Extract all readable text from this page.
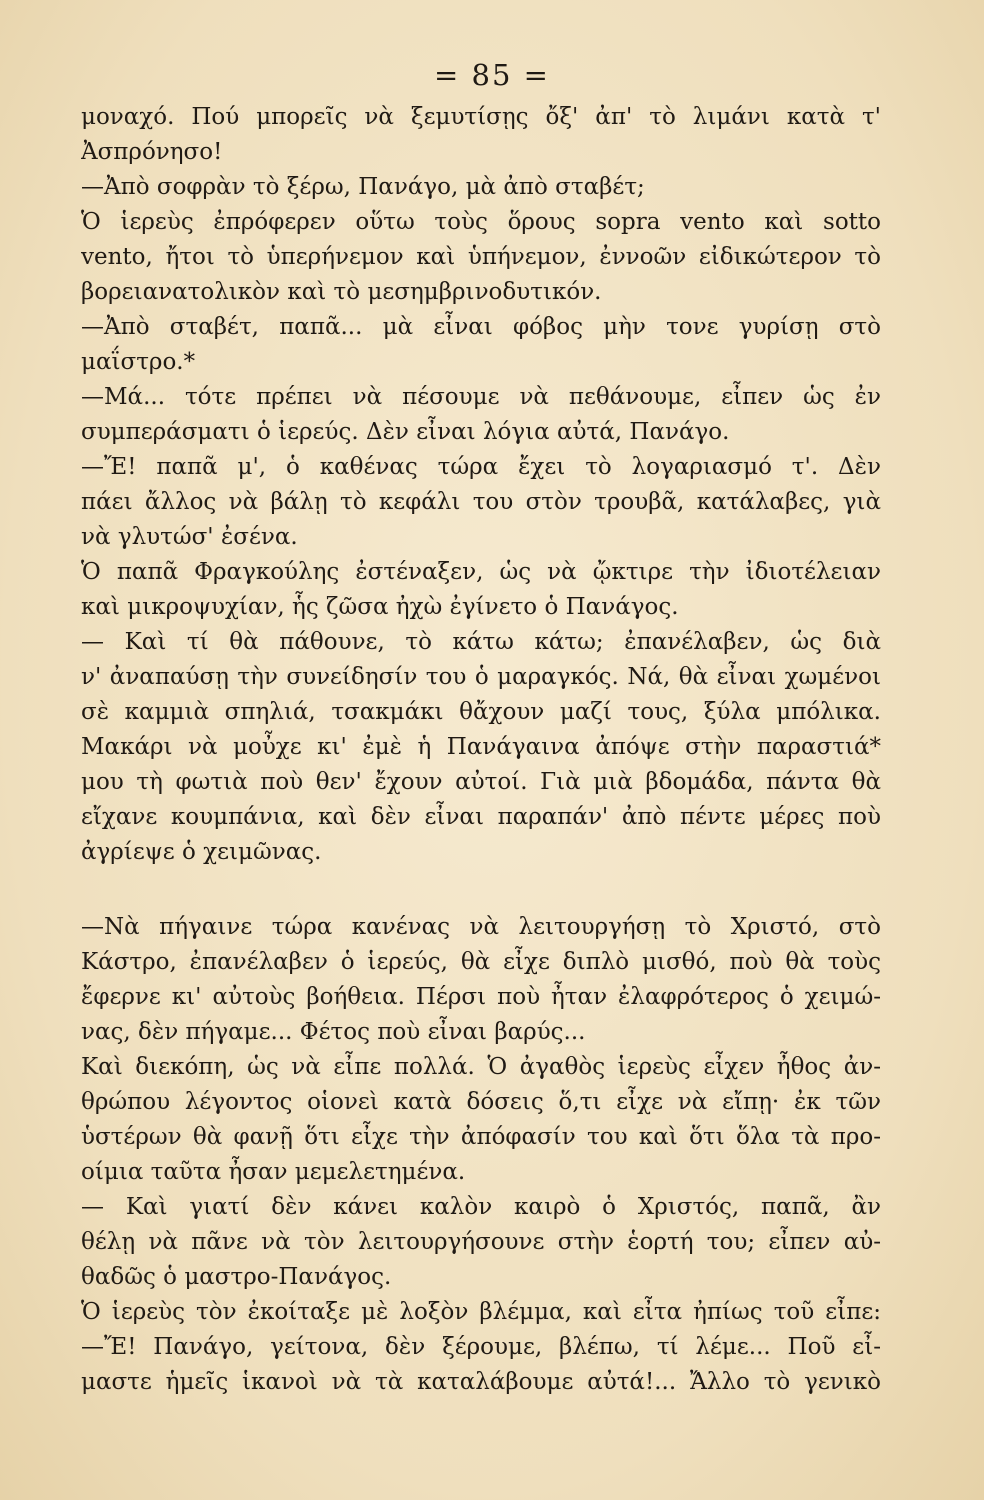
= 85 =
μοναχό. Πού μπορεῖς νὰ ξεμυτίσῃς ὄξ' ἀπ' τὸ λιμάνι κατὰ τ'
Ἀσπρόνησο!
—Ἀπὸ σοφρὰν τὸ ξέρω, Πανάγο, μὰ ἀπὸ σταβέτ;
Ὁ ἱερεὺς ἐπρόφερεν οὕτω τοὺς ὅρους sopra vento καὶ sotto
vento, ἤτοι τὸ ὑπερήνεμον καὶ ὑπήνεμον, ἐννοῶν εἰδικώτερον τὸ
βορειανατολικὸν καὶ τὸ μεσημβρινοδυτικόν.
—Ἀπὸ σταβέτ, παπᾶ... μὰ εἶναι φόβος μὴν τονε γυρίσῃ στὸ
μαΐστρο.*
—Μά... τότε πρέπει νὰ πέσουμε νὰ πεθάνουμε, εἶπεν ὡς ἐν
συμπεράσματι ὁ ἱερεύς. Δὲν εἶναι λόγια αὐτά, Πανάγο.
—Ἔ! παπᾶ μ', ὁ καθένας τώρα ἔχει τὸ λογαριασμό τ'. Δὲν
πάει ἄλλος νὰ βάλῃ τὸ κεφάλι του στὸν τρουβᾶ, κατάλαβες, γιὰ
νὰ γλυτώσ' ἐσένα.
Ὁ παπᾶ Φραγκούλης ἐστέναξεν, ὡς νὰ ᾤκτιρε τὴν ἰδιοτέλειαν
καὶ μικροψυχίαν, ἧς ζῶσα ἠχὼ ἐγίνετο ὁ Πανάγος.
— Καὶ τί θὰ πάθουνε, τὸ κάτω κάτω; ἐπανέλαβεν, ὡς διὰ
ν' ἀναπαύσῃ τὴν συνείδησίν του ὁ μαραγκός. Νά, θὰ εἶναι χωμένοι
σὲ καμμιὰ σπηλιά, τσακμάκι θἄχουν μαζί τους, ξύλα μπόλικα.
Μακάρι νὰ μοὖχε κι' ἐμὲ ἡ Πανάγαινα ἀπόψε στὴν παραστιά*
μου τὴ φωτιὰ ποὺ θεν' ἔχουν αὐτοί. Γιὰ μιὰ βδομάδα, πάντα θὰ
εἴχανε κουμπάνια, καὶ δὲν εἶναι παραπάν' ἀπὸ πέντε μέρες ποὺ
ἀγρίεψε ὁ χειμῶνας.
—Νὰ πήγαινε τώρα κανένας νὰ λειτουργήσῃ τὸ Χριστό, στὸ
Κάστρο, ἐπανέλαβεν ὁ ἱερεύς, θὰ εἶχε διπλὸ μισθό, ποὺ θὰ τοὺς
ἔφερνε κι' αὐτοὺς βοήθεια. Πέρσι ποὺ ἦταν ἐλαφρότερος ὁ χειμώ-
νας, δὲν πήγαμε... Φέτος ποὺ εἶναι βαρύς...
Καὶ διεκόπη, ὡς νὰ εἶπε πολλά. Ὁ ἀγαθὸς ἱερεὺς εἶχεν ἦθος ἀν-
θρώπου λέγοντος οἱονεὶ κατὰ δόσεις ὅ,τι εἶχε νὰ εἴπῃ· ἐκ τῶν
ὑστέρων θὰ φανῇ ὅτι εἶχε τὴν ἀπόφασίν του καὶ ὅτι ὅλα τὰ προ-
οίμια ταῦτα ἦσαν μεμελετημένα.
— Καὶ γιατί δὲν κάνει καλὸν καιρὸ ὁ Χριστός, παπᾶ, ἂν
θέλῃ νὰ πᾶνε νὰ τὸν λειτουργήσουνε στὴν ἑορτή του; εἶπεν αὐ-
θαδῶς ὁ μαστρο-Πανάγος.
Ὁ ἱερεὺς τὸν ἐκοίταξε μὲ λοξὸν βλέμμα, καὶ εἶτα ἠπίως τοῦ εἶπε:
—Ἔ! Πανάγο, γείτονα, δὲν ξέρουμε, βλέπω, τί λέμε... Ποῦ εἶ-
μαστε ἡμεῖς ἱκανοὶ νὰ τὰ καταλάβουμε αὐτά!... Ἄλλο τὸ γενικὸ
